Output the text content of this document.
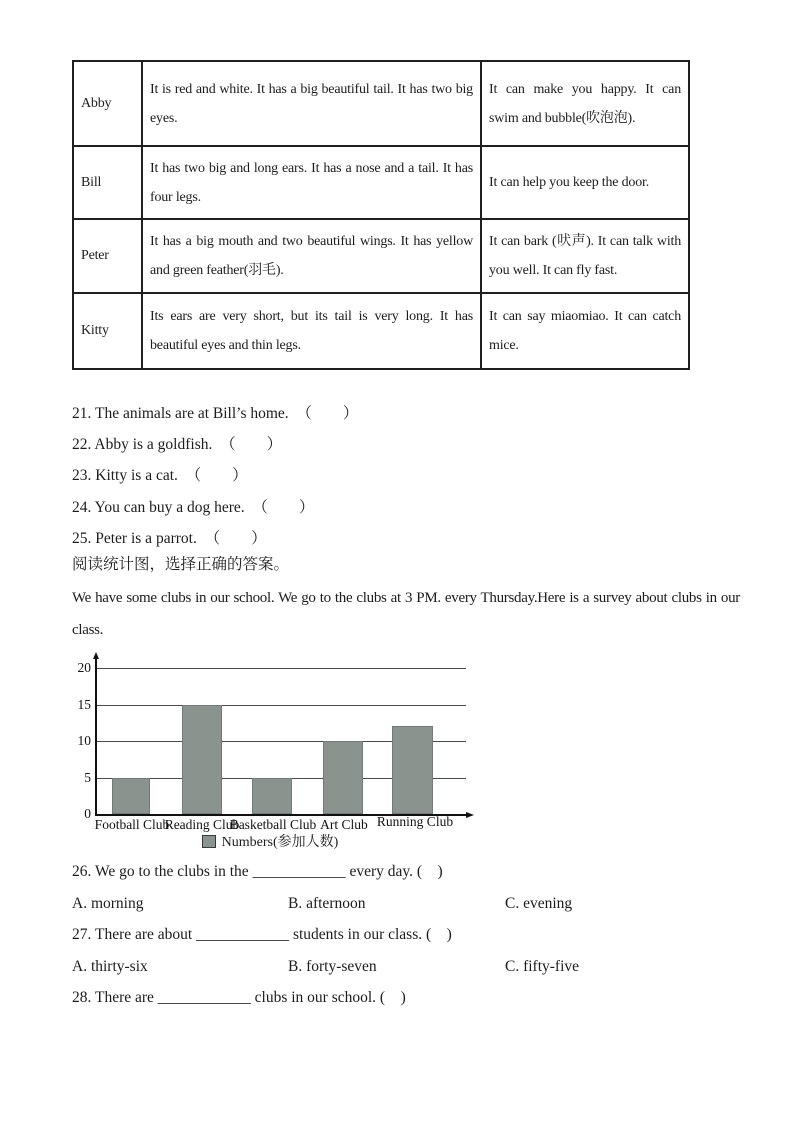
Abby	It is red and white. It has a big beautiful tail. It has two big eyes.	It can make you happy. It can swim and bubble(吹泡泡).
Bill	It has two big and long ears. It has a nose and a tail. It has four legs.	It can help you keep the door.
Peter	It has a big mouth and two beautiful wings. It has yellow and green feather(羽毛).	It can bark (吠声). It can talk with you well. It can fly fast.
Kitty	Its ears are very short, but its tail is very long. It has beautiful eyes and thin legs.	It can say miaomiao. It can catch mice.
21. The animals are at Bill’s home.　（　　）
22. Abby is a goldfish.　（　　）
23. Kitty is a cat.　（　　）
24. You can buy a dog here.　（　　）
25. Peter is a parrot.　（　　）
阅读统计图，选择正确的答案。
We have some clubs in our school. We go to the clubs at 3 PM. every Thursday.Here is a survey about clubs in our class.
20
15
10
5
0
Football Club
Reading Club
Basketball Club Art Club Running Club
Numbers(参加人数)
26. We go to the clubs in the ____________ every day. (　)
A. morning	B. afternoon	C. evening
27. There are about ____________ students in our class. (　)
A. thirty-six	B. forty-seven	C. fifty-five
28. There are ____________ clubs in our school. (　)
